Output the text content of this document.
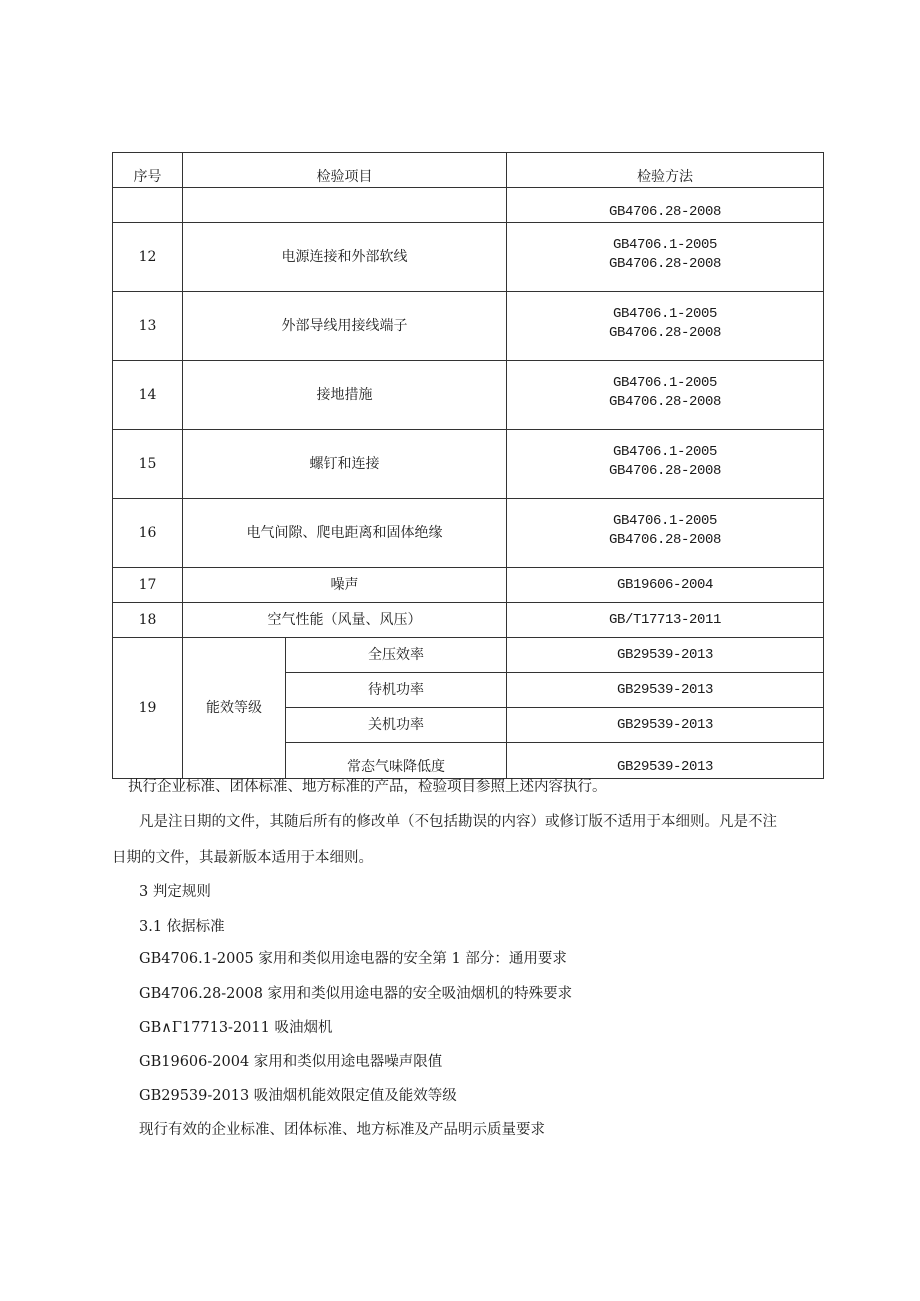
序号	检验项目		检验方法

			GB4706.28-2008

12	电源连接和外部软线		GB4706.1-2005
GB4706.28-2008

13	外部导线用接线端子		GB4706.1-2005
GB4706.28-2008

14	接地措施		GB4706.1-2005
GB4706.28-2008

15	螺钉和连接		GB4706.1-2005
GB4706.28-2008

16	电气间隙、爬电距离和固体绝缘		GB4706.1-2005
GB4706.28-2008

17	噪声		GB19606-2004
18	空气性能（风量、风压）		GB/T17713-2011
19	能效等级	全压效率	GB29539-2013
		待机功率	GB29539-2013
		关机功率	GB29539-2013

		常态气味降低度	GB29539-2013
执行企业标准、团体标准、地方标准的产品，检验项目参照上述内容执行。
凡是注日期的文件，其随后所有的修改单（不包括勘误的内容）或修订版不适用于本细则。凡是不注
日期的文件，其最新版本适用于本细则。
3 判定规则
3.1 依据标准
GB4706.1-2005 家用和类似用途电器的安全第 1 部分：通用要求
GB4706.28-2008 家用和类似用途电器的安全吸油烟机的特殊要求
GB∧Γ17713-2011 吸油烟机
GB19606-2004 家用和类似用途电器噪声限值
GB29539-2013 吸油烟机能效限定值及能效等级
现行有效的企业标准、团体标准、地方标准及产品明示质量要求
